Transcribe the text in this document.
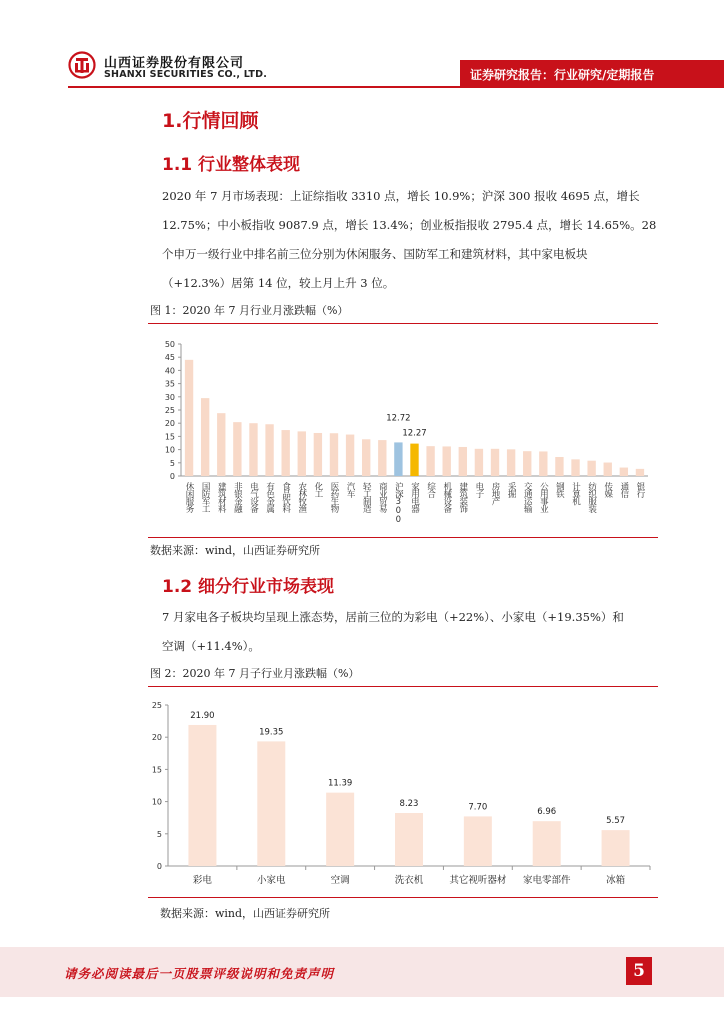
山西证券股份有限公司
SHANXI SECURITIES CO., LTD.	证券研究报告：行业研究/定期报告
1.行情回顾
1.1 行业整体表现
2020 年 7 月市场表现：上证综指收 3310 点，增长 10.9%；沪深 300 报收 4695 点，增长
12.75%；中小板指收 9087.9 点，增长 13.4%；创业板指报收 2795.4 点，增长 14.65%。28
个申万一级行业中排名前三位分别为休闲服务、国防军工和建筑材料，其中家电板块
（+12.3%）居第 14 位，较上月上升 3 位。
图 1：2020 年 7 月行业月涨跌幅（%）
0
5
10
15
20
25
30
35
40
45
50
休闲服务 国防军工 建筑材料 非银金融 电气设备 有色金属 食品饮料 农林牧渔 化工 医药生物 汽车 轻工制造 商业贸易
12.72
沪深300
12.27
家用电器 综合 机械设备 建筑装饰 电子 房地产 采掘 交通运输 公用事业 钢铁 计算机 纺织服装 传媒 通信 银行
数据来源：wind，山西证券研究所
1.2 细分行业市场表现
7 月家电各子板块均呈现上涨态势，居前三位的为彩电（+22%）、小家电（+19.35%）和
空调（+11.4%）。
图 2：2020 年 7 月子行业月涨跌幅（%）
0
5
10
15
20
25
21.90
彩电
19.35
小家电
11.39
空调
8.23
洗衣机
7.70
其它视听器材
6.96
家电零部件
5.57
冰箱
数据来源：wind，山西证券研究所
请务必阅读最后一页股票评级说明和免责声明	5
